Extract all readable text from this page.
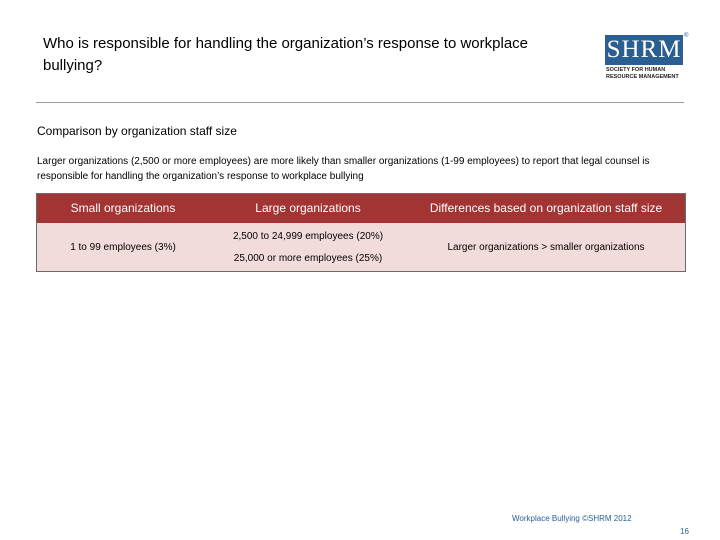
Who is responsible for handling the organization’s response to workplace bullying?
SHRM ®
SOCIETY FOR HUMAN RESOURCE MANAGEMENT
Comparison by organization staff size
Larger organizations (2,500 or more employees) are more likely than smaller organizations (1-99 employees) to report that legal counsel is responsible for handling the organization’s response to workplace bullying
Small organizations	Large organizations	Differences based on organization staff size
1 to 99 employees (3%)
2,500 to 24,999 employees (20%)
25,000 or more employees (25%)
Larger organizations > smaller organizations
Workplace Bullying ©SHRM 2012
16
